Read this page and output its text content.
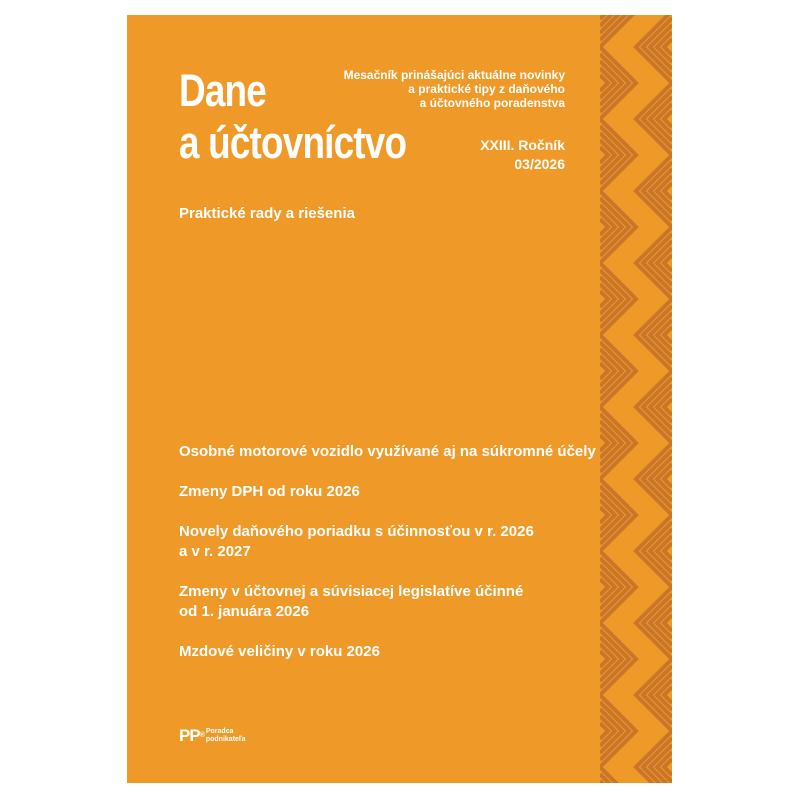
Dane
a účtovníctvo
Mesačník prinášajúci aktuálne novinky
a praktické tipy z daňového
a účtovného poradenstva
XXIII. Ročník
03/2026
Praktické rady a riešenia
Osobné motorové vozidlo využívané aj na súkromné účely
Zmeny DPH od roku 2026
Novely daňového poriadku s účinnosťou v r. 2026
a v r. 2027
Zmeny v účtovnej a súvisiacej legislatíve účinné
od 1. januára 2026
Mzdové veličiny v roku 2026
PP®
Poradca
podnikateľa
